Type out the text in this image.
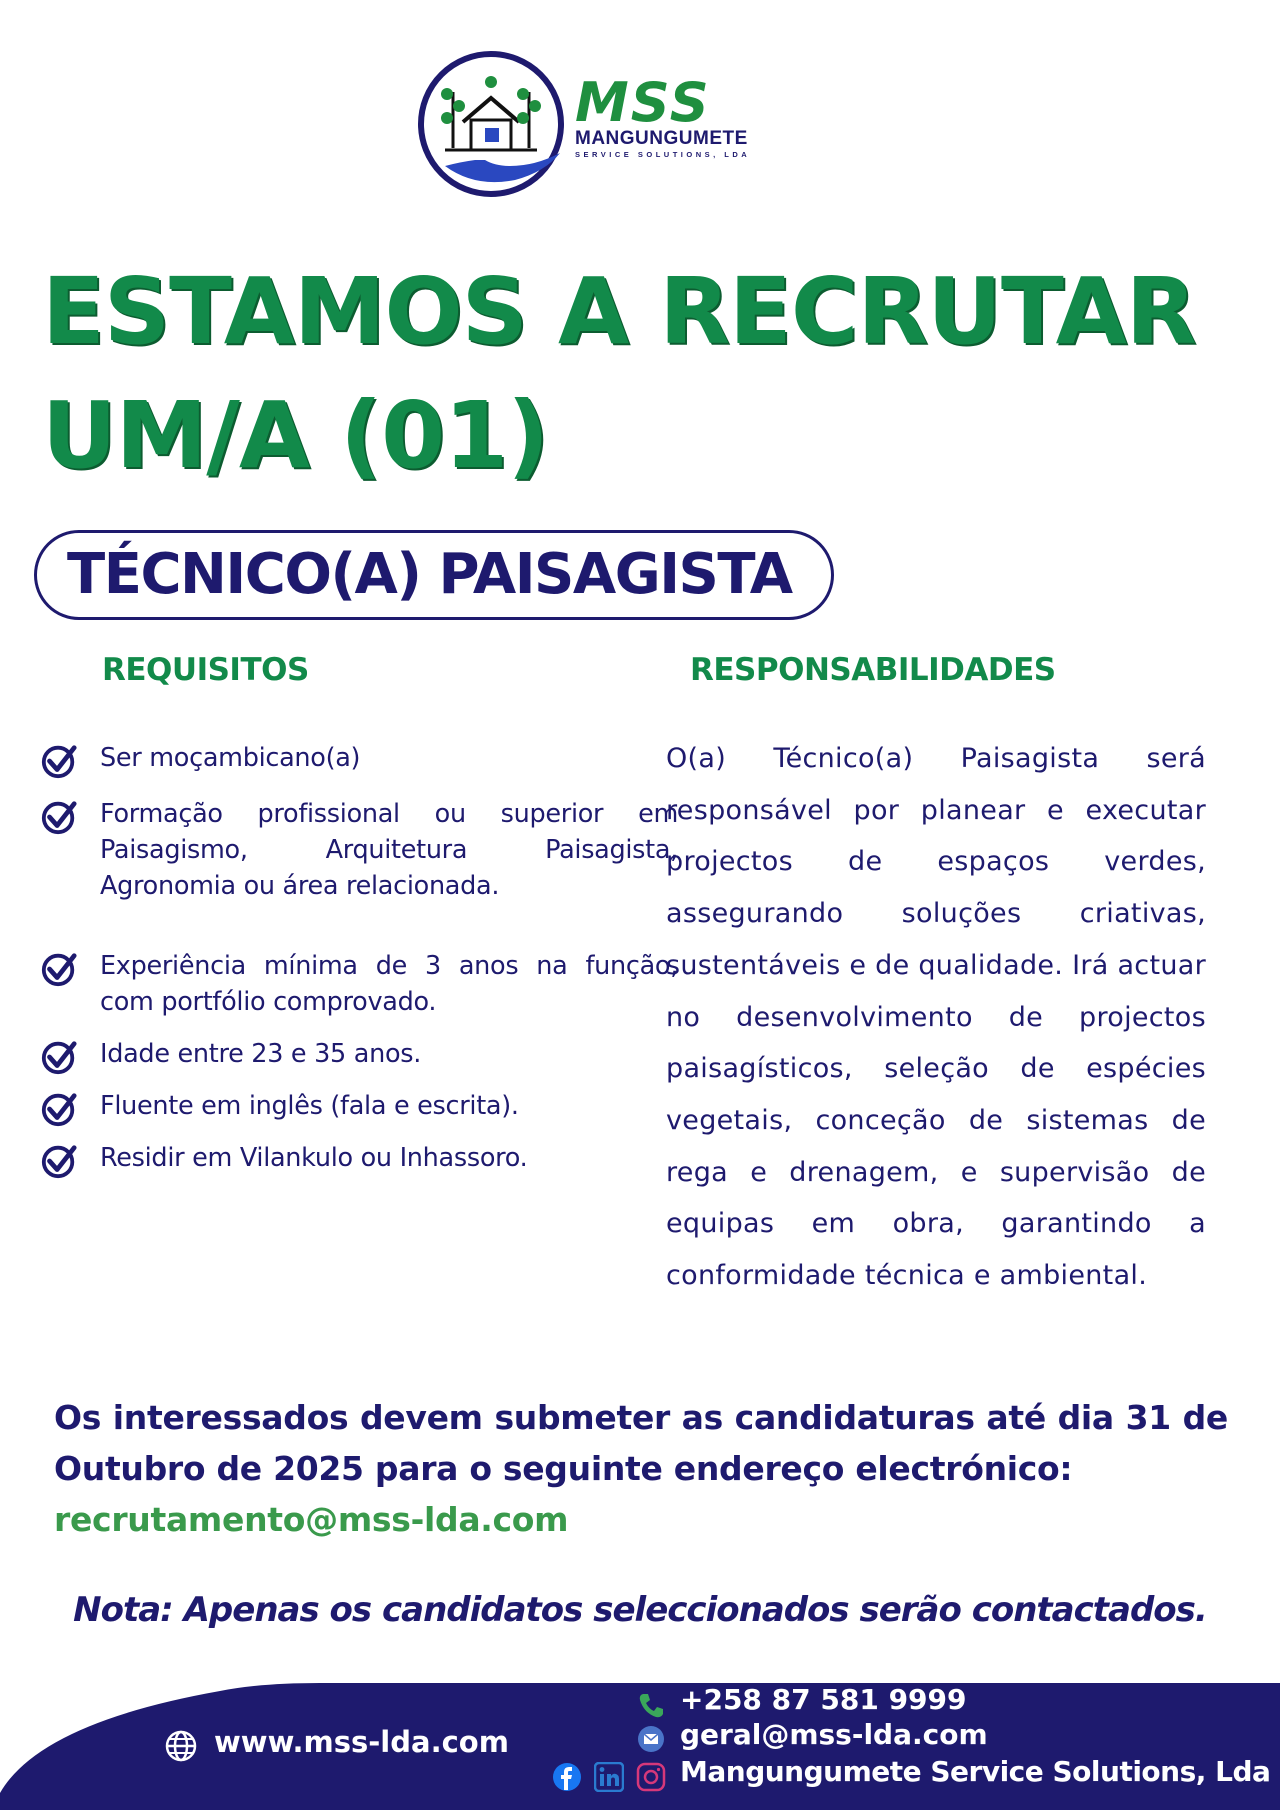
MSS
MANGUNGUMETE
SERVICE SOLUTIONS, LDA
ESTAMOS A RECRUTAR
UM/A (01)
TÉCNICO(A) PAISAGISTA
REQUISITOS	RESPONSABILIDADES
Ser moçambicano(a)
Formação profissional ou superior em Paisagismo, Arquitetura Paisagista, Agronomia ou área relacionada.
Experiência mínima de 3 anos na função, com portfólio comprovado.
Idade entre 23 e 35 anos.
Fluente em inglês (fala e escrita).
Residir em Vilankulo ou Inhassoro.
O(a) Técnico(a) Paisagista será responsável por planear e executar projectos de espaços verdes, assegurando soluções criativas, sustentáveis e de qualidade. Irá actuar no desenvolvimento de projectos paisagísticos, seleção de espécies vegetais, conceção de sistemas de rega e drenagem, e supervisão de equipas em obra, garantindo a conformidade técnica e ambiental.
Os interessados devem submeter as candidaturas até dia 31 de Outubro de 2025 para o seguinte endereço electrónico:
recrutamento@mss-lda.com
Nota: Apenas os candidatos seleccionados serão contactados.
www.mss-lda.com
+258 87 581 9999
geral@mss-lda.com
Mangungumete Service Solutions, Lda
